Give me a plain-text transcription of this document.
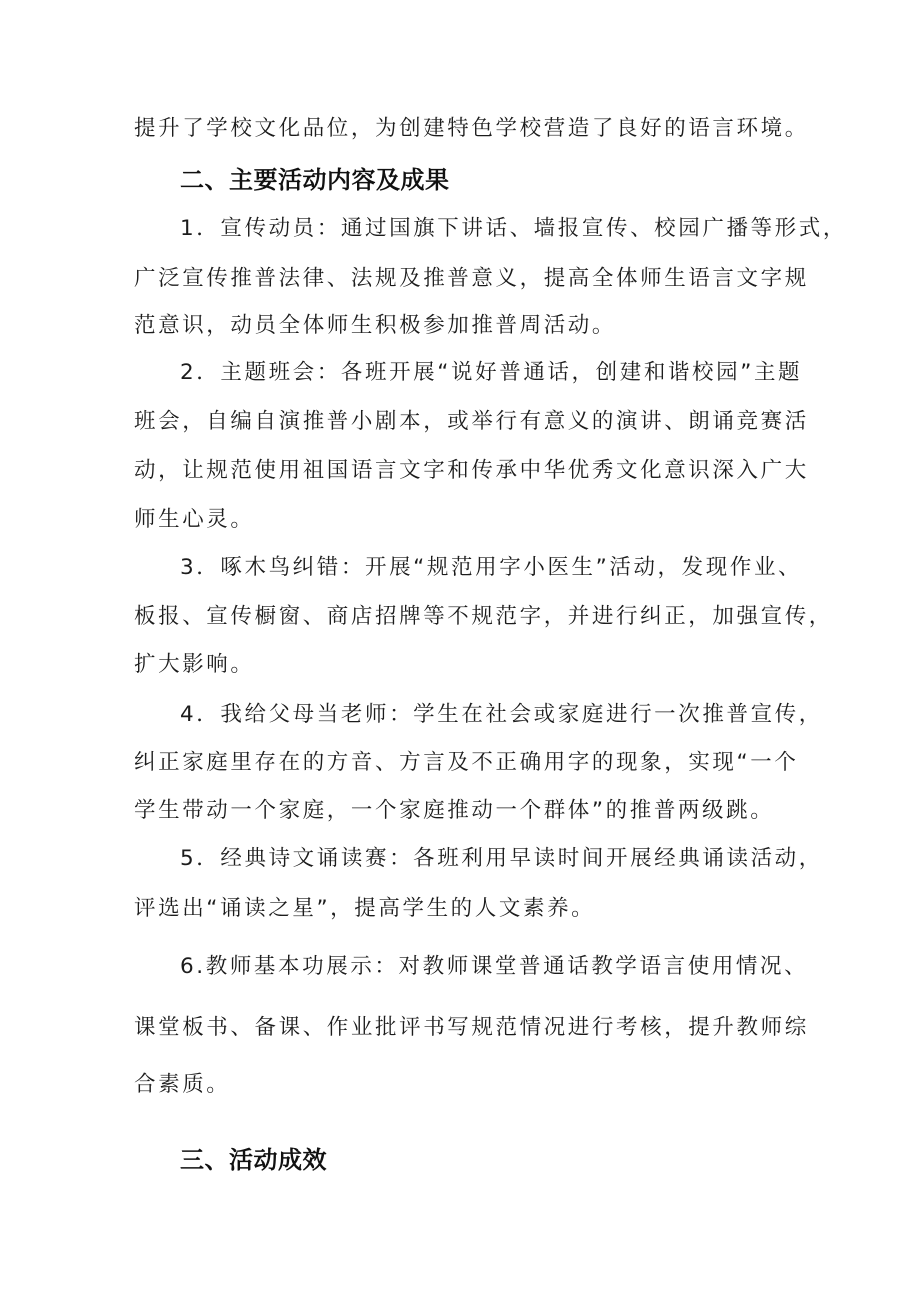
提升了学校文化品位，为创建特色学校营造了良好的语言环境。
二、主要活动内容及成果
1．宣传动员：通过国旗下讲话、墙报宣传、校园广播等形式，
广泛宣传推普法律、法规及推普意义，提高全体师生语言文字规
范意识，动员全体师生积极参加推普周活动。
2．主题班会：各班开展“说好普通话，创建和谐校园”主题
班会，自编自演推普小剧本，或举行有意义的演讲、朗诵竞赛活
动，让规范使用祖国语言文字和传承中华优秀文化意识深入广大
师生心灵。
3．啄木鸟纠错：开展“规范用字小医生”活动，发现作业、
板报、宣传橱窗、商店招牌等不规范字，并进行纠正，加强宣传，
扩大影响。
4．我给父母当老师：学生在社会或家庭进行一次推普宣传，
纠正家庭里存在的方音、方言及不正确用字的现象，实现“一个
学生带动一个家庭，一个家庭推动一个群体”的推普两级跳。
5．经典诗文诵读赛：各班利用早读时间开展经典诵读活动，
评选出“诵读之星”，提高学生的人文素养。
6.教师基本功展示：对教师课堂普通话教学语言使用情况、
课堂板书、备课、作业批评书写规范情况进行考核，提升教师综
合素质。
三、活动成效
